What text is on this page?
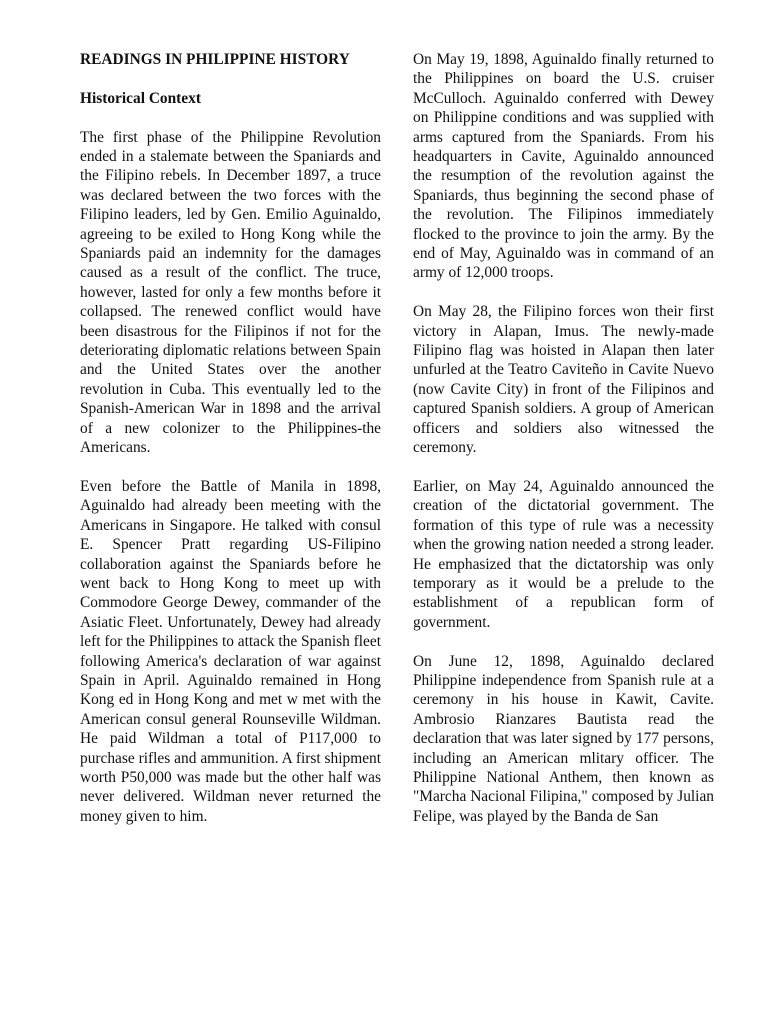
READINGS IN PHILIPPINE HISTORY
Historical Context

The first phase of the Philippine Revolution ended in a stalemate between the Spaniards and the Filipino rebels. In December 1897, a truce was declared between the two forces with the Filipino leaders, led by Gen. Emilio Aguinaldo, agreeing to be exiled to Hong Kong while the Spaniards paid an indemnity for the damages caused as a result of the conflict. The truce, however, lasted for only a few months before it collapsed. The renewed conflict would have been disastrous for the Filipinos if not for the deteriorating diplomatic relations between Spain and the United States over the another revolution in Cuba. This eventually led to the Spanish-American War in 1898 and the arrival of a new colonizer to the Philippines-the Americans.

Even before the Battle of Manila in 1898, Aguinaldo had already been meeting with the Americans in Singapore. He talked with consul E. Spencer Pratt regarding US-Filipino collaboration against the Spaniards before he went back to Hong Kong to meet up with Commodore George Dewey, commander of the Asiatic Fleet. Unfortunately, Dewey had already left for the Philippines to attack the Spanish fleet following America's declaration of war against Spain in April. Aguinaldo remained in Hong Kong ed in Hong Kong and met w met with the American consul general Rounseville Wildman. He paid Wildman a total of P117,000 to purchase rifles and ammunition. A first shipment worth P50,000 was made but the other half was never delivered. Wildman never returned the money given to him.

On May 19, 1898, Aguinaldo finally returned to the Philippines on board the U.S. cruiser McCulloch. Aguinaldo conferred with Dewey on Philippine conditions and was supplied with arms captured from the Spaniards. From his headquarters in Cavite, Aguinaldo announced the resumption of the revolution against the Spaniards, thus beginning the second phase of the revolution. The Filipinos immediately flocked to the province to join the army. By the end of May, Aguinaldo was in command of an army of 12,000 troops.

On May 28, the Filipino forces won their first victory in Alapan, Imus. The newly-made Filipino flag was hoisted in Alapan then later unfurled at the Teatro Caviteño in Cavite Nuevo (now Cavite City) in front of the Filipinos and captured Spanish soldiers. A group of American officers and soldiers also witnessed the ceremony.

Earlier, on May 24, Aguinaldo announced the creation of the dictatorial government. The formation of this type of rule was a necessity when the growing nation needed a strong leader. He emphasized that the dictatorship was only temporary as it would be a prelude to the establishment of a republican form of government.

On June 12, 1898, Aguinaldo declared Philippine independence from Spanish rule at a ceremony in his house in Kawit, Cavite. Ambrosio Rianzares Bautista read the declaration that was later signed by 177 persons, including an American mlitary officer. The Philippine National Anthem, then known as "Marcha Nacional Filipina," composed by Julian Felipe, was played by the Banda de San
